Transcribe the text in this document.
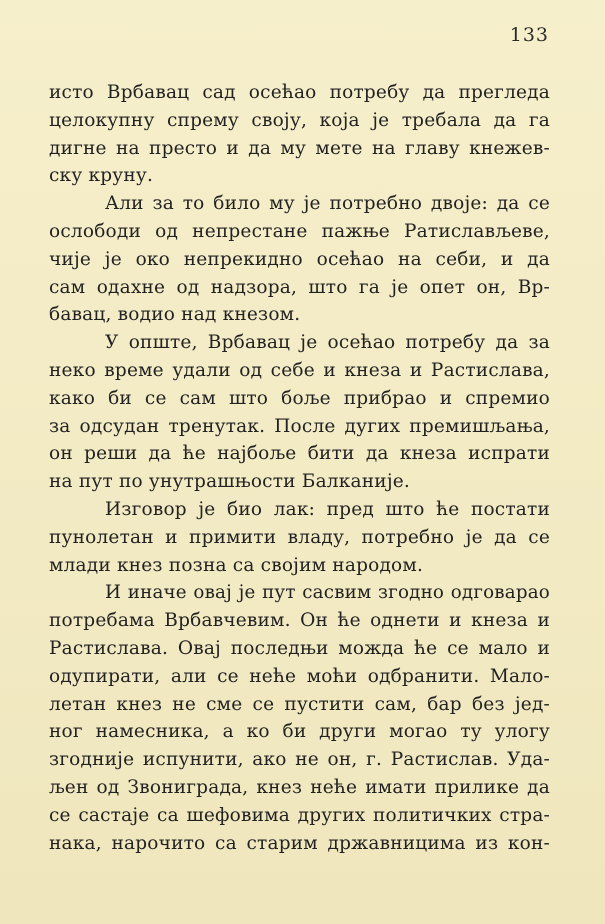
133
исто Врбавац сад осећао потребу да прегледа
целокупну спрему своју, која је требала да га
дигне на престо и да му мете на главу кнежев-
ску круну.
Али за то било му је потребно двоје: да се
ослободи од непрестане пажње Ратислављеве,
чије је око непрекидно осећао на себи, и да
сам одахне од надзора, што га је опет он, Вр-
бавац, водио над кнезом.
У опште, Врбавац је осећао потребу да за
неко време удали од себе и кнеза и Растислава,
како би се сам што боље прибрао и спремио
за одсудан тренутак. После дугих премишљања,
он реши да ће најбоље бити да кнеза испрати
на пут по унутрашњости Балканије.
Изговор је био лак: пред што ће постати
пунолетан и примити владу, потребно је да се
млади кнез позна са својим народом.
И иначе овај је пут сасвим згодно одговарао
потребама Врбавчевим. Он ће однети и кнеза и
Растислава. Овај последњи можда ће се мало и
одупирати, али се неће моћи одбранити. Мало-
летан кнез не сме се пустити сам, бар без јед-
ног намесника, а ко би други могао ту улогу
згодније испунити, ако не он, г. Растислав. Уда-
љен од Звониграда, кнез неће имати прилике да
се састаје са шефовима других политичких стра-
нака, нарочито са старим државницима из кон-
